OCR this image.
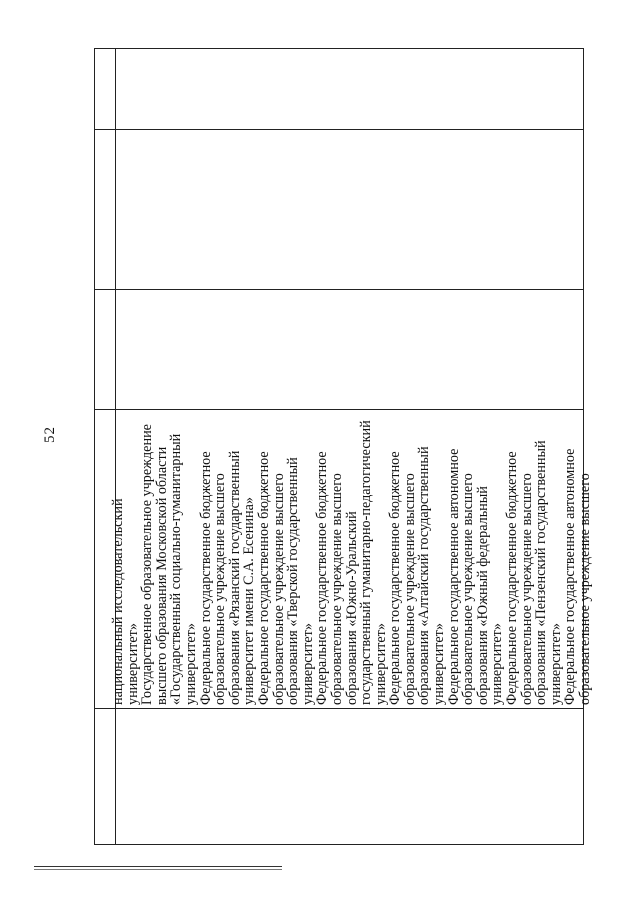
52
национальный исследовательский
университет»
Государственное образовательное учреждение
высшего образования Московской области
«Государственный социально-гуманитарный
университет»
Федеральное государственное бюджетное
образовательное учреждение высшего
образования «Рязанский государственный
университет имени С.А. Есенина»
Федеральное государственное бюджетное
образовательное учреждение высшего
образования «Тверской государственный
университет»
Федеральное государственное бюджетное
образовательное учреждение высшего
образования «Южно-Уральский
государственный гуманитарно-педагогический
университет»
Федеральное государственное бюджетное
образовательное учреждение высшего
образования «Алтайский государственный
университет»
Федеральное государственное автономное
образовательное учреждение высшего
образования «Южный федеральный
университет»
Федеральное государственное бюджетное
образовательное учреждение высшего
образования «Пензенский государственный
университет»
Федеральное государственное автономное
образовательное учреждение высшего
